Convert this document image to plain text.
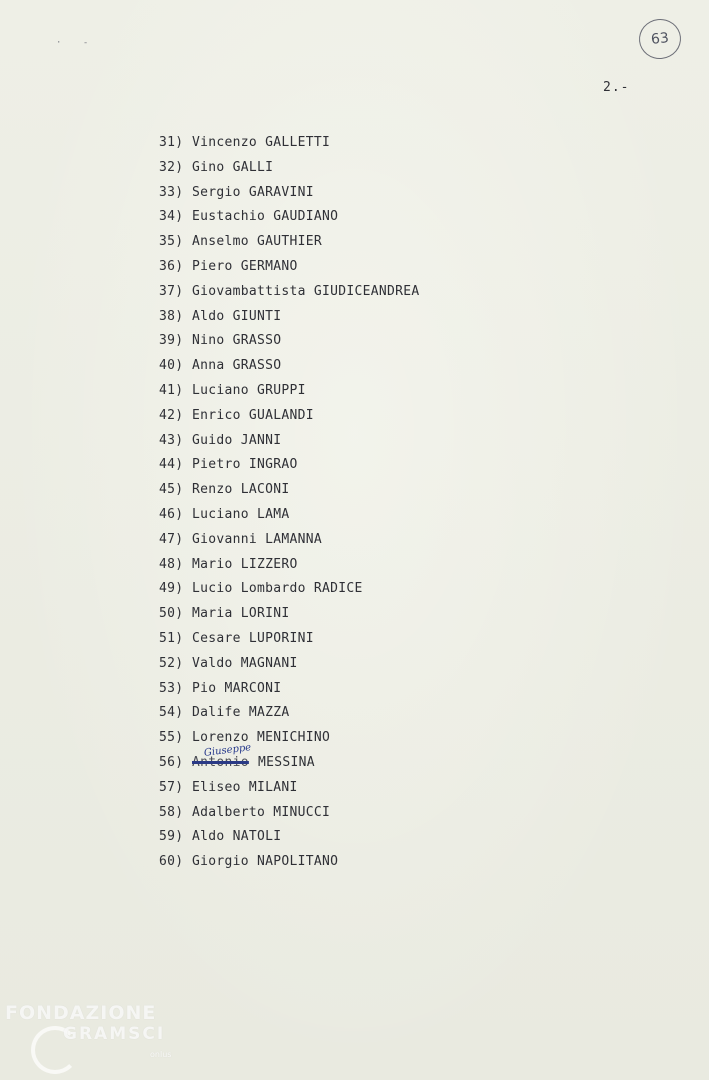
· -	63
2.-
31) Vincenzo GALLETTI
32) Gino GALLI
33) Sergio GARAVINI
34) Eustachio GAUDIANO
35) Anselmo GAUTHIER
36) Piero GERMANO
37) Giovambattista GIUDICEANDREA
38) Aldo GIUNTI
39) Nino GRASSO
40) Anna GRASSO
41) Luciano GRUPPI
42) Enrico GUALANDI
43) Guido JANNI
44) Pietro INGRAO
45) Renzo LACONI
46) Luciano LAMA
47) Giovanni LAMANNA
48) Mario LIZZERO
49) Lucio Lombardo RADICE
50) Maria LORINI
51) Cesare LUPORINI
52) Valdo MAGNANI
53) Pio MARCONI
54) Dalife MAZZA
55) Lorenzo MENICHINO
56) Antonio
Giuseppe
MESSINA
57) Eliseo MILANI
58) Adalberto MINUCCI
59) Aldo NATOLI
60) Giorgio NAPOLITANO
FONDAZIONE
GRAMSCI
onlus
